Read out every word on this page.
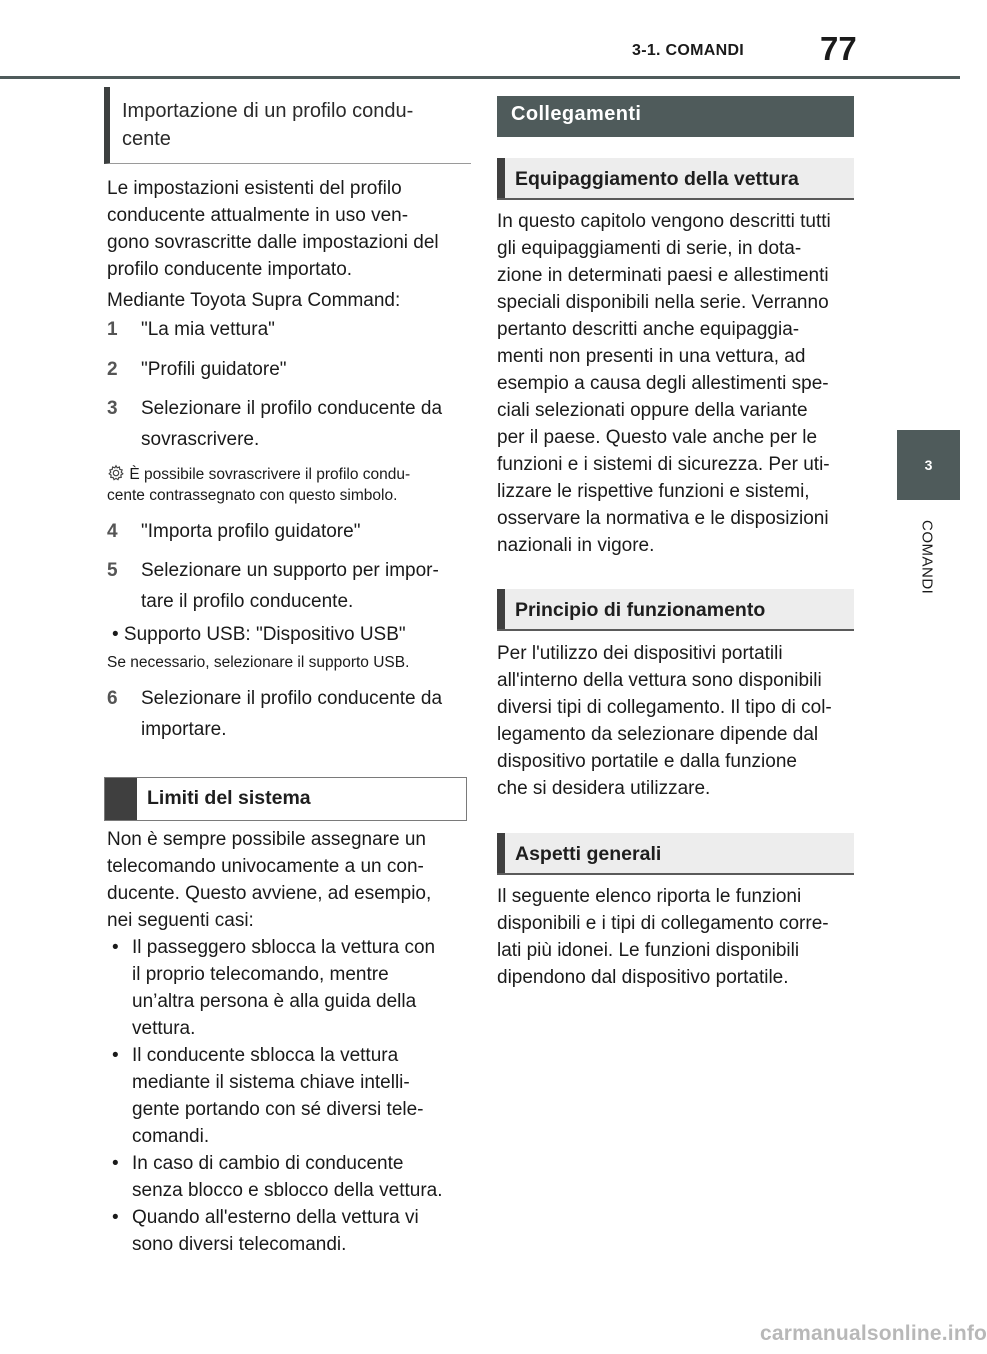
3-1. COMANDI 77
3
COMANDI
Importazione di un profilo condu-
cente
Le impostazioni esistenti del profilo
conducente attualmente in uso ven-
gono sovrascritte dalle impostazioni del
profilo conducente importato.
Mediante Toyota Supra Command:
1 "La mia vettura"
2 "Profili guidatore"
3 Selezionare il profilo conducente da sovrascrivere.
È possibile sovrascrivere il profilo condu-
cente contrassegnato con questo simbolo.
4 "Importa profilo guidatore"
5 Selezionare un supporto per impor- tare il profilo conducente.
• Supporto USB: "Dispositivo USB"
Se necessario, selezionare il supporto USB.
6 Selezionare il profilo conducente da importare.
Limiti del sistema
Non è sempre possibile assegnare un
telecomando univocamente a un con-
ducente. Questo avviene, ad esempio,
nei seguenti casi:
• Il passeggero sblocca la vettura con
il proprio telecomando, mentre
un’altra persona è alla guida della
vettura.
• Il conducente sblocca la vettura
mediante il sistema chiave intelli-
gente portando con sé diversi tele-
comandi.
• In caso di cambio di conducente
senza blocco e sblocco della vettura.
• Quando all'esterno della vettura vi
sono diversi telecomandi.
Collegamenti
Equipaggiamento della vettura
In questo capitolo vengono descritti tutti
gli equipaggiamenti di serie, in dota-
zione in determinati paesi e allestimenti
speciali disponibili nella serie. Verranno
pertanto descritti anche equipaggia-
menti non presenti in una vettura, ad
esempio a causa degli allestimenti spe-
ciali selezionati oppure della variante
per il paese. Questo vale anche per le
funzioni e i sistemi di sicurezza. Per uti-
lizzare le rispettive funzioni e sistemi,
osservare la normativa e le disposizioni
nazionali in vigore.
Principio di funzionamento
Per l'utilizzo dei dispositivi portatili
all'interno della vettura sono disponibili
diversi tipi di collegamento. Il tipo di col-
legamento da selezionare dipende dal
dispositivo portatile e dalla funzione
che si desidera utilizzare.
Aspetti generali
Il seguente elenco riporta le funzioni
disponibili e i tipi di collegamento corre-
lati più idonei. Le funzioni disponibili
dipendono dal dispositivo portatile.
carmanualsonline.info
